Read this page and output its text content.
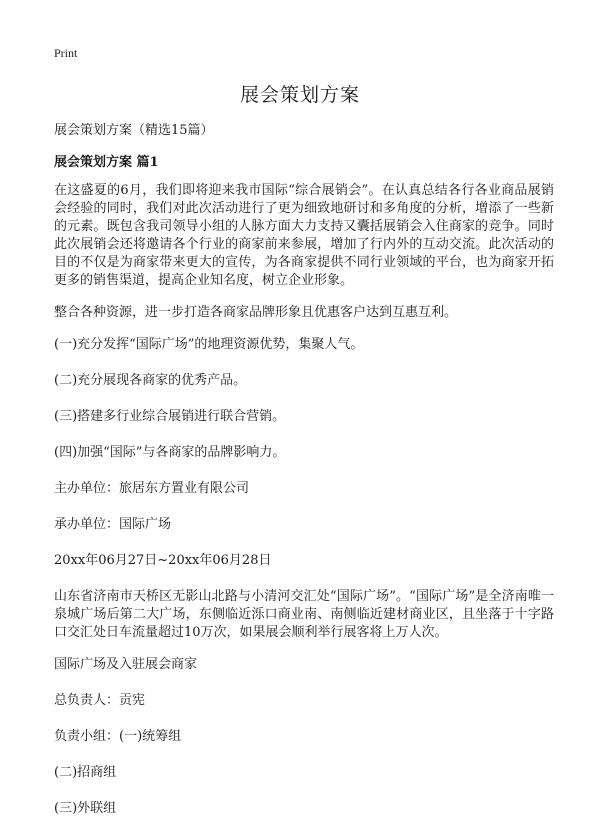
Print
展会策划方案

展会策划方案（精选15篇）

展会策划方案 篇1

在这盛夏的6月，我们即将迎来我市国际“综合展销会”。在认真总结各行各业商品展销会经验的同时，我们对此次活动进行了更为细致地研讨和多角度的分析，增添了一些新的元素。既包含我司领导小组的人脉方面大力支持又囊括展销会入住商家的竞争。同时此次展销会还将邀请各个行业的商家前来参展，增加了行内外的互动交流。此次活动的目的不仅是为商家带来更大的宣传，为各商家提供不同行业领域的平台，也为商家开拓更多的销售渠道，提高企业知名度，树立企业形象。

整合各种资源，进一步打造各商家品牌形象且优惠客户达到互惠互利。

(一)充分发挥“国际广场”的地理资源优势，集聚人气。

(二)充分展现各商家的优秀产品。

(三)搭建多行业综合展销进行联合营销。

(四)加强“国际”与各商家的品牌影响力。

主办单位：旅居东方置业有限公司

承办单位：国际广场

20xx年06月27日~20xx年06月28日

山东省济南市天桥区无影山北路与小清河交汇处“国际广场”。“国际广场”是全济南唯一泉城广场后第二大广场，东侧临近泺口商业南、南侧临近建材商业区，且坐落于十字路口交汇处日车流量超过10万次，如果展会顺利举行展客将上万人次。

国际广场及入驻展会商家

总负责人：贡宪

负责小组：(一)统筹组

(二)招商组

(三)外联组
